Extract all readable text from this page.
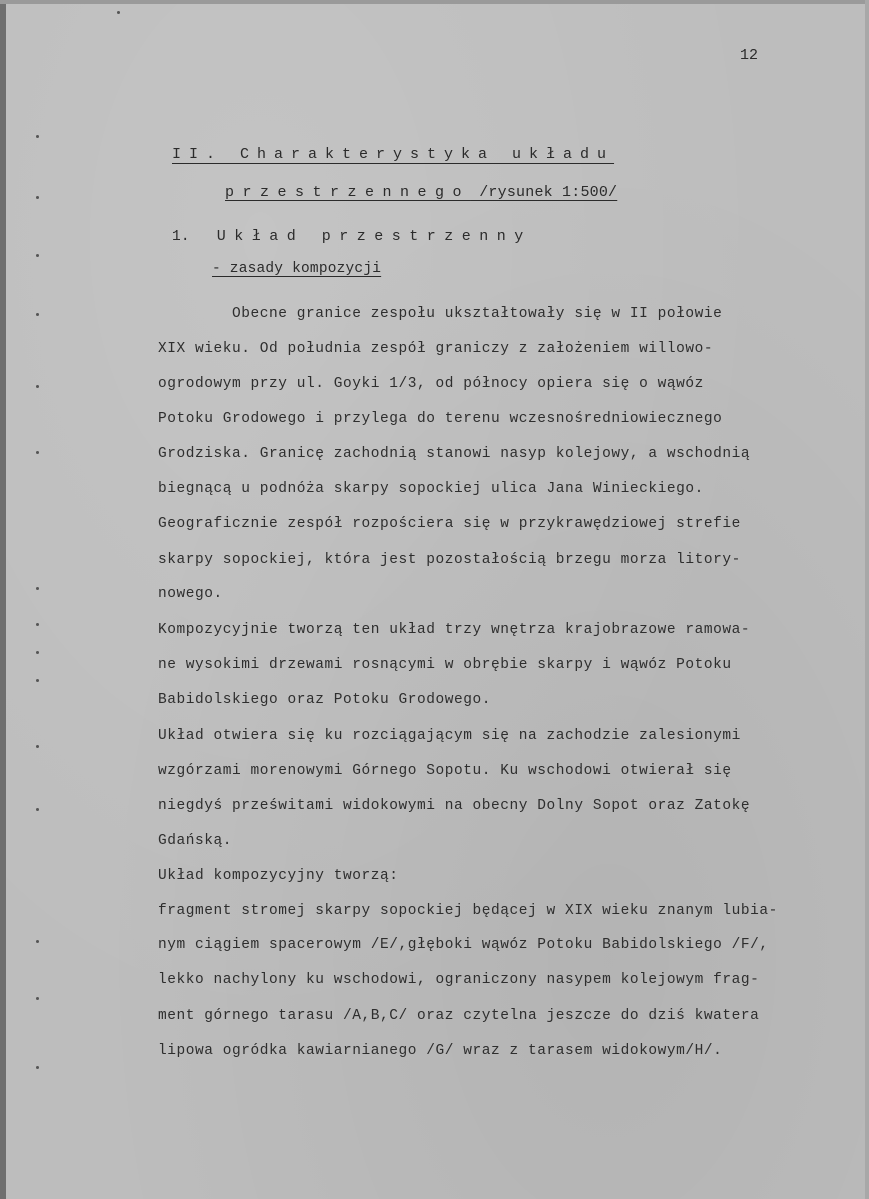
12
II. Charakterystyka układu
przestrzennego /rysunek 1:500/
1. Układ przestrzenny
- zasady kompozycji
Obecne granice zespołu ukształtowały się w II połowie
XIX wieku. Od południa zespół graniczy z założeniem willowo-
ogrodowym przy ul. Goyki 1/3, od północy opiera się o wąwóz
Potoku Grodowego i przylega do terenu wczesnośredniowiecznego
Grodziska. Granicę zachodnią stanowi nasyp kolejowy, a wschodnią
biegnącą u podnóża skarpy sopockiej ulica Jana Winieckiego.
Geograficznie zespół rozpościera się w przykrawędziowej strefie
skarpy sopockiej, która jest pozostałością brzegu morza litory-
nowego.
Kompozycyjnie tworzą ten układ trzy wnętrza krajobrazowe ramowa-
ne wysokimi drzewami rosnącymi w obrębie skarpy i wąwóz Potoku
Babidolskiego oraz Potoku Grodowego.
Układ otwiera się ku rozciągającym się na zachodzie zalesionymi
wzgórzami morenowymi Górnego Sopotu. Ku wschodowi otwierał się
niegdyś prześwitami widokowymi na obecny Dolny Sopot oraz Zatokę
Gdańską.
Układ kompozycyjny tworzą:
fragment stromej skarpy sopockiej będącej w XIX wieku znanym lubia-
nym ciągiem spacerowym /E/,głęboki wąwóz Potoku Babidolskiego /F/,
lekko nachylony ku wschodowi, ograniczony nasypem kolejowym frag-
ment górnego tarasu /A,B,C/ oraz czytelna jeszcze do dziś kwatera
lipowa ogródka kawiarnianego /G/ wraz z tarasem widokowym/H/.
